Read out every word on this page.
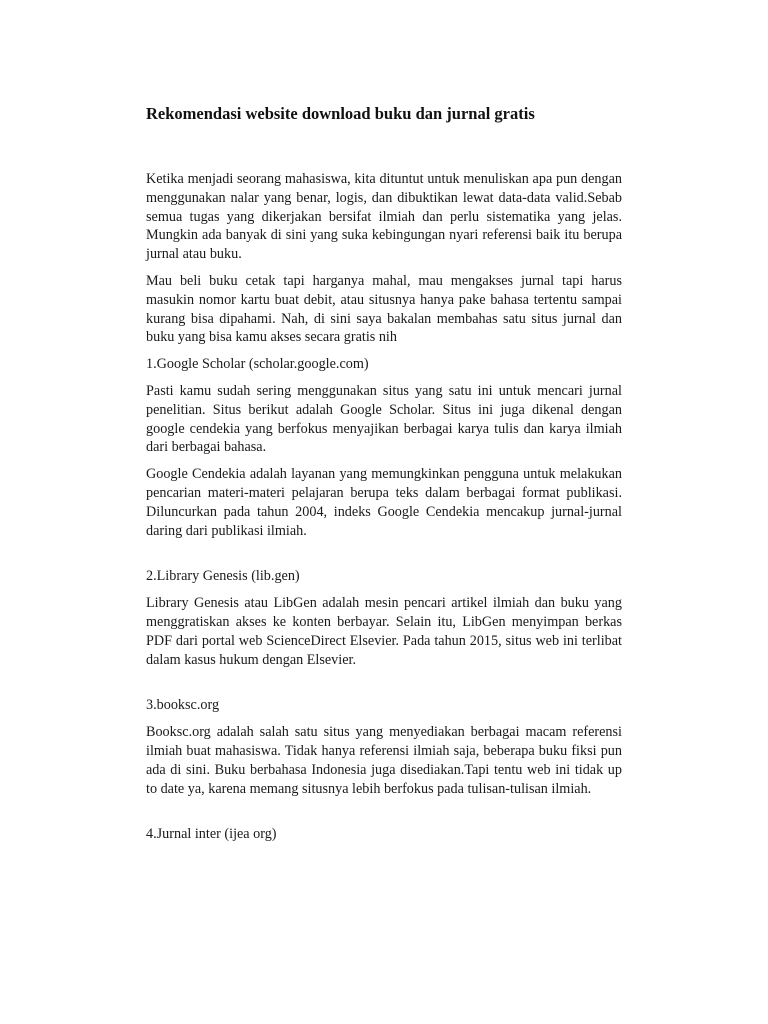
Rekomendasi website download buku dan jurnal gratis

Ketika menjadi seorang mahasiswa, kita dituntut untuk menuliskan apa pun dengan menggunakan nalar yang benar, logis, dan dibuktikan lewat data-data valid.Sebab semua tugas yang dikerjakan bersifat ilmiah dan perlu sistematika yang jelas. Mungkin ada banyak di sini yang suka kebingungan nyari referensi baik itu berupa jurnal atau buku.

Mau beli buku cetak tapi harganya mahal, mau mengakses jurnal tapi harus masukin nomor kartu buat debit, atau situsnya hanya pake bahasa tertentu sampai kurang bisa dipahami. Nah, di sini saya bakalan membahas satu situs jurnal dan buku yang bisa kamu akses secara gratis nih

1.Google Scholar (scholar.google.com)

Pasti kamu sudah sering menggunakan situs yang satu ini untuk mencari jurnal penelitian. Situs berikut adalah Google Scholar. Situs ini juga dikenal dengan google cendekia yang berfokus menyajikan berbagai karya tulis dan karya ilmiah dari berbagai bahasa.

Google Cendekia adalah layanan yang memungkinkan pengguna untuk melakukan pencarian materi-materi pelajaran berupa teks dalam berbagai format publikasi. Diluncurkan pada tahun 2004, indeks Google Cendekia mencakup jurnal-jurnal daring dari publikasi ilmiah.

2.Library Genesis (lib.gen)

Library Genesis atau LibGen adalah mesin pencari artikel ilmiah dan buku yang menggratiskan akses ke konten berbayar. Selain itu, LibGen menyimpan berkas PDF dari portal web ScienceDirect Elsevier. Pada tahun 2015, situs web ini terlibat dalam kasus hukum dengan Elsevier.

3.booksc.org

Booksc.org adalah salah satu situs yang menyediakan berbagai macam referensi ilmiah buat mahasiswa. Tidak hanya referensi ilmiah saja, beberapa buku fiksi pun ada di sini. Buku berbahasa Indonesia juga disediakan.Tapi tentu web ini tidak up to date ya, karena memang situsnya lebih berfokus pada tulisan-tulisan ilmiah.

4.Jurnal inter (ijea org)
